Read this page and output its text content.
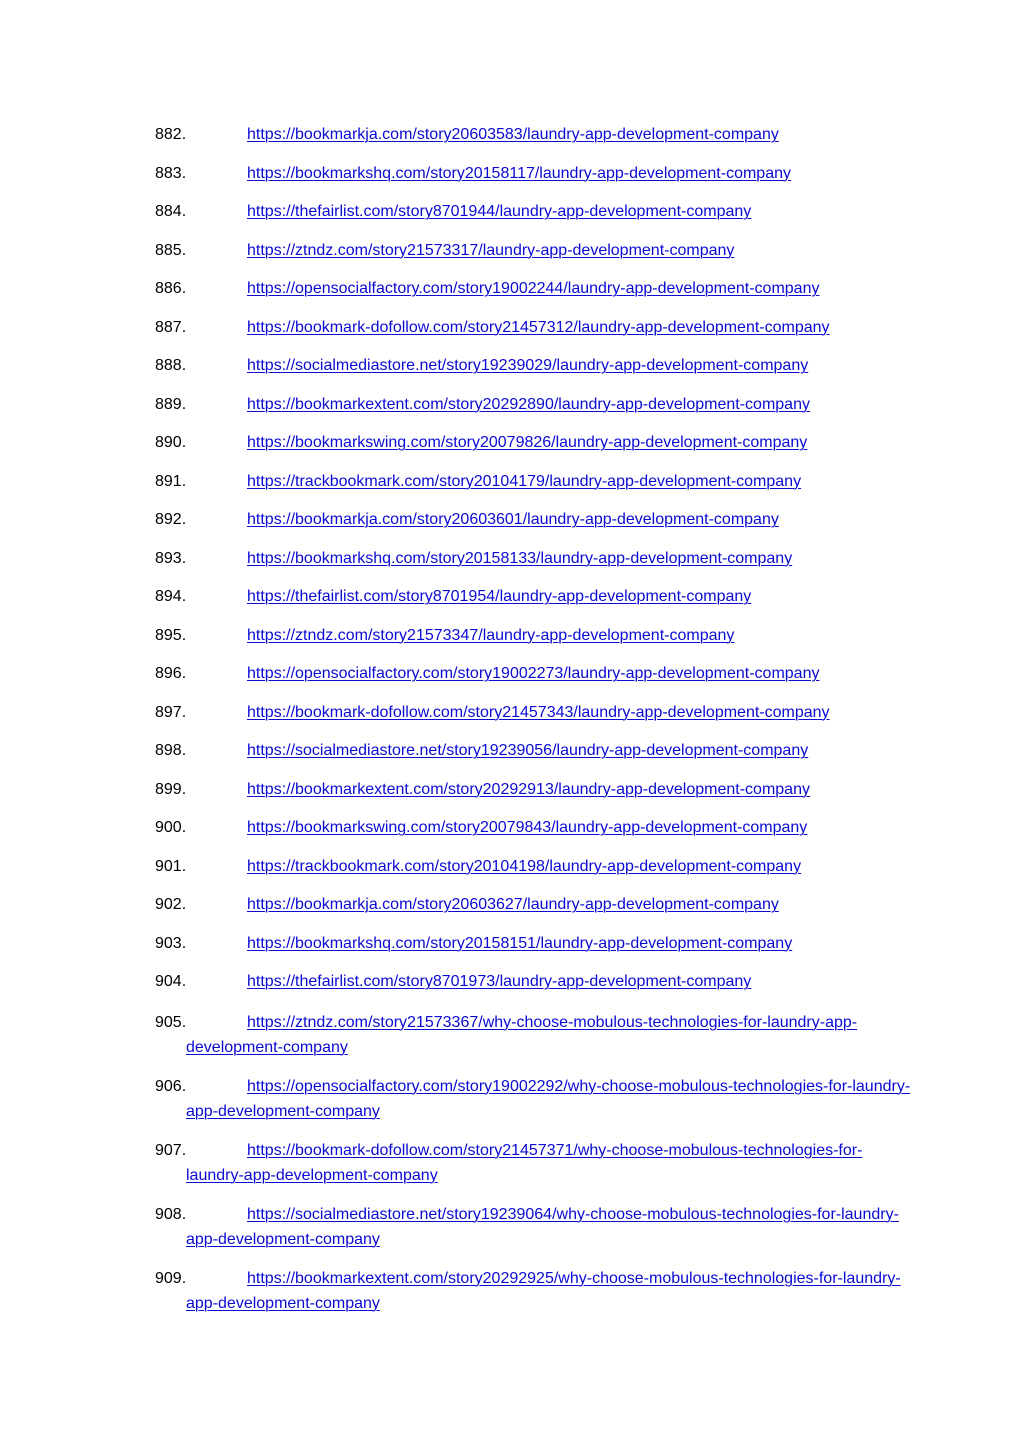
882.	https://bookmarkja.com/story20603583/laundry-app-development-company
883.	https://bookmarkshq.com/story20158117/laundry-app-development-company
884.	https://thefairlist.com/story8701944/laundry-app-development-company
885.	https://ztndz.com/story21573317/laundry-app-development-company
886.	https://opensocialfactory.com/story19002244/laundry-app-development-company
887.	https://bookmark-dofollow.com/story21457312/laundry-app-development-company
888.	https://socialmediastore.net/story19239029/laundry-app-development-company
889.	https://bookmarkextent.com/story20292890/laundry-app-development-company
890.	https://bookmarkswing.com/story20079826/laundry-app-development-company
891.	https://trackbookmark.com/story20104179/laundry-app-development-company
892.	https://bookmarkja.com/story20603601/laundry-app-development-company
893.	https://bookmarkshq.com/story20158133/laundry-app-development-company
894.	https://thefairlist.com/story8701954/laundry-app-development-company
895.	https://ztndz.com/story21573347/laundry-app-development-company
896.	https://opensocialfactory.com/story19002273/laundry-app-development-company
897.	https://bookmark-dofollow.com/story21457343/laundry-app-development-company
898.	https://socialmediastore.net/story19239056/laundry-app-development-company
899.	https://bookmarkextent.com/story20292913/laundry-app-development-company
900.	https://bookmarkswing.com/story20079843/laundry-app-development-company
901.	https://trackbookmark.com/story20104198/laundry-app-development-company
902.	https://bookmarkja.com/story20603627/laundry-app-development-company
903.	https://bookmarkshq.com/story20158151/laundry-app-development-company
904.	https://thefairlist.com/story8701973/laundry-app-development-company
905.	https://ztndz.com/story21573367/why-choose-mobulous-technologies-for-laundry-app-development-company
906.	https://opensocialfactory.com/story19002292/why-choose-mobulous-technologies-for-laundry-app-development-company
907.	https://bookmark-dofollow.com/story21457371/why-choose-mobulous-technologies-for-laundry-app-development-company
908.	https://socialmediastore.net/story19239064/why-choose-mobulous-technologies-for-laundry-app-development-company
909.	https://bookmarkextent.com/story20292925/why-choose-mobulous-technologies-for-laundry-app-development-company
